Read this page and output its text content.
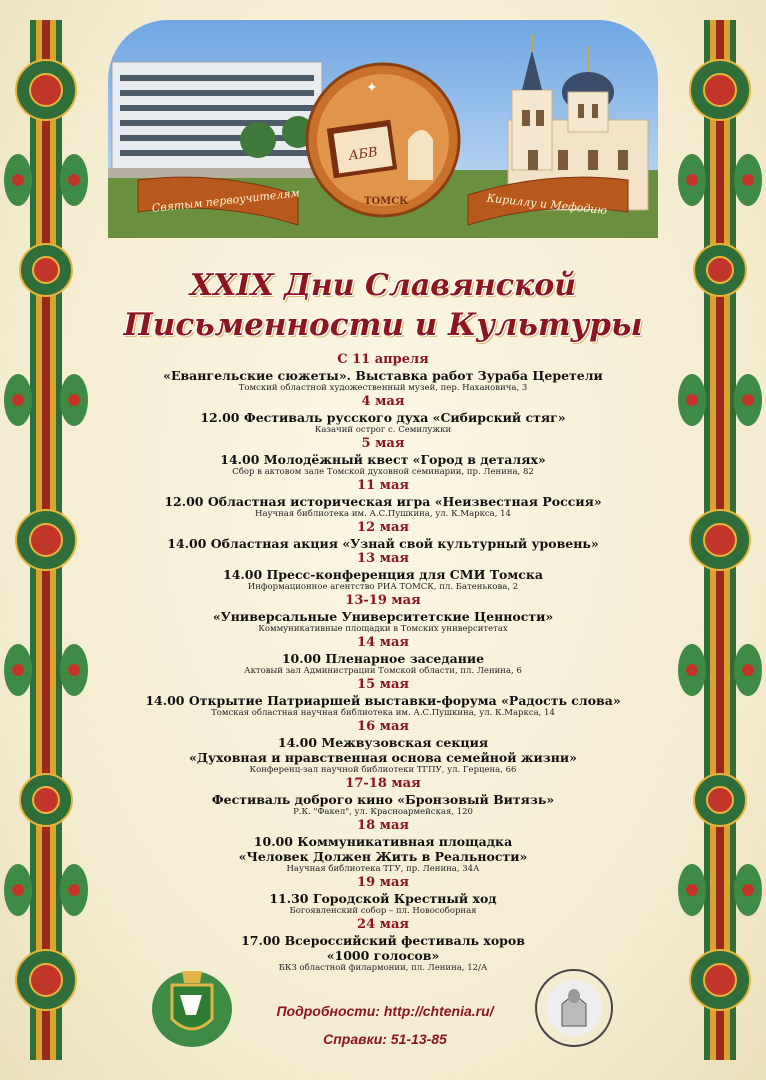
Святым первоучителям	Кириллу и Мефодию
АБВ
ТОМСК
✦
XXIX Дни Славянской
Письменности и Культуры
С 11 апреля
«Евангельские сюжеты». Выставка работ Зураба Церетели
Томский областной художественный музей, пер. Нахановича, 3
4 мая
12.00 Фестиваль русского духа «Сибирский стяг»
Казачий острог с. Семилужки
5 мая
14.00 Молодёжный квест «Город в деталях»
Сбор в актовом зале Томской духовной семинарии, пр. Ленина, 82
11 мая
12.00 Областная историческая игра «Неизвестная Россия»
Научная библиотека им. А.С.Пушкина, ул. К.Маркса, 14
12 мая
14.00 Областная акция «Узнай свой культурный уровень»
13 мая
14.00 Пресс-конференция для СМИ Томска
Информационное агентство РИА ТОМСК, пл. Батенькова, 2
13-19 мая
«Универсальные Университетские Ценности»
Коммуникативные площадки в Томских университетах
14 мая
10.00 Пленарное заседание
Актовый зал Администрации Томской области, пл. Ленина, 6
15 мая
14.00 Открытие Патриаршей выставки-форума «Радость слова»
Томская областная научная библиотека им. А.С.Пушкина, ул. К.Маркса, 14
16 мая
14.00 Межвузовская секция
«Духовная и нравственная основа семейной жизни»
Конференц-зал научной библиотеки ТГПУ, ул. Герцена, 66
17-18 мая
Фестиваль доброго кино «Бронзовый Витязь»
Р.К. "Факел", ул. Красноармейская, 120
18 мая
10.00 Коммуникативная площадка
«Человек Должен Жить в Реальности»
Научная библиотека ТГУ, пр. Ленина, 34А
19 мая
11.30 Городской Крестный ход
Богоявленский собор – пл. Новособорная
24 мая
17.00 Всероссийский фестиваль хоров
«1000 голосов»
БКЗ областной филармонии, пл. Ленина, 12/А
Подробности: http://chtenia.ru/
Справки: 51-13-85
